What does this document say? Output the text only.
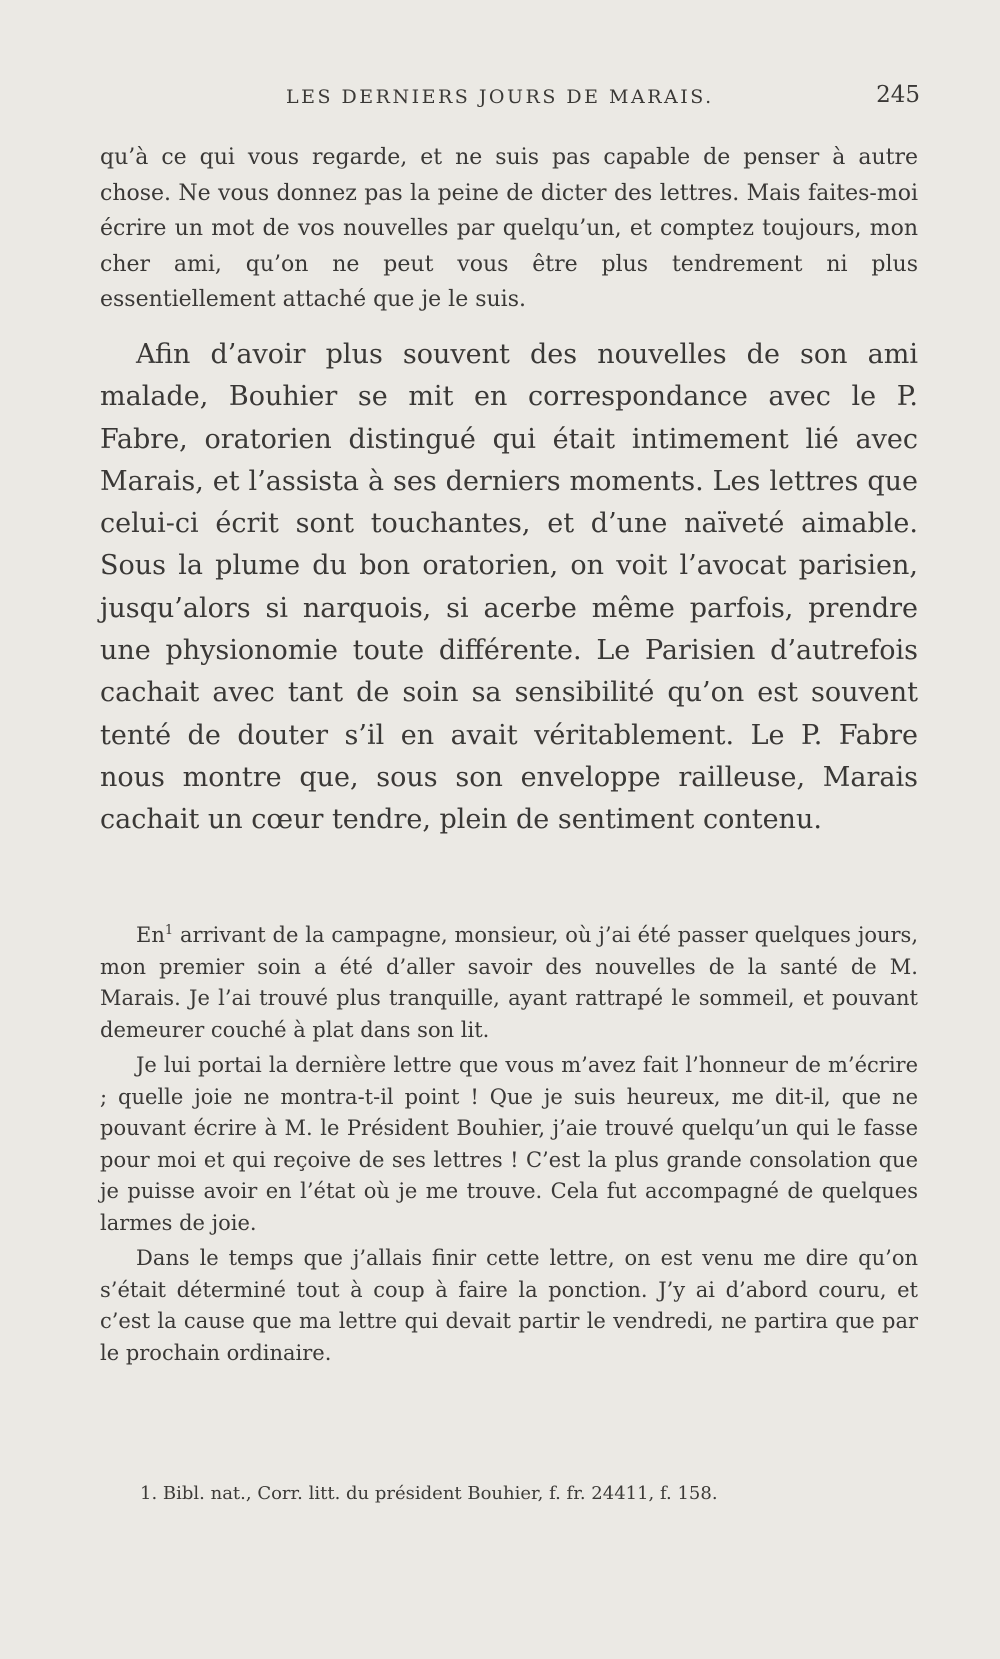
LES DERNIERS JOURS DE MARAIS.	245

qu’à ce qui vous regarde, et ne suis pas capable de penser à autre chose. Ne vous donnez pas la peine de dicter des lettres. Mais faites-moi écrire un mot de vos nouvelles par quelqu’un, et comptez toujours, mon cher ami, qu’on ne peut vous être plus tendrement ni plus essentiellement attaché que je le suis.

Afin d’avoir plus souvent des nouvelles de son ami malade, Bouhier se mit en correspondance avec le P. Fabre, oratorien distingué qui était intimement lié avec Marais, et l’assista à ses derniers moments. Les lettres que celui-ci écrit sont touchantes, et d’une naïveté aimable. Sous la plume du bon oratorien, on voit l’avocat parisien, jusqu’alors si narquois, si acerbe même parfois, prendre une physionomie toute différente. Le Parisien d’autrefois cachait avec tant de soin sa sensibilité qu’on est souvent tenté de douter s’il en avait véritablement. Le P. Fabre nous montre que, sous son enveloppe railleuse, Marais cachait un cœur tendre, plein de sentiment contenu.

En$^1$ arrivant de la campagne, monsieur, où j’ai été passer quelques jours, mon premier soin a été d’aller savoir des nouvelles de la santé de M. Marais. Je l’ai trouvé plus tranquille, ayant rattrapé le sommeil, et pouvant demeurer couché à plat dans son lit.

Je lui portai la dernière lettre que vous m’avez fait l’honneur de m’écrire ; quelle joie ne montra-t-il point ! Que je suis heureux, me dit-il, que ne pouvant écrire à M. le Président Bouhier, j’aie trouvé quelqu’un qui le fasse pour moi et qui reçoive de ses lettres ! C’est la plus grande consolation que je puisse avoir en l’état où je me trouve. Cela fut accompagné de quelques larmes de joie.

Dans le temps que j’allais finir cette lettre, on est venu me dire qu’on s’était déterminé tout à coup à faire la ponction. J’y ai d’abord couru, et c’est la cause que ma lettre qui devait partir le vendredi, ne partira que par le prochain ordinaire.

1. Bibl. nat., Corr. litt. du président Bouhier, f. fr. 24411, f. 158.
